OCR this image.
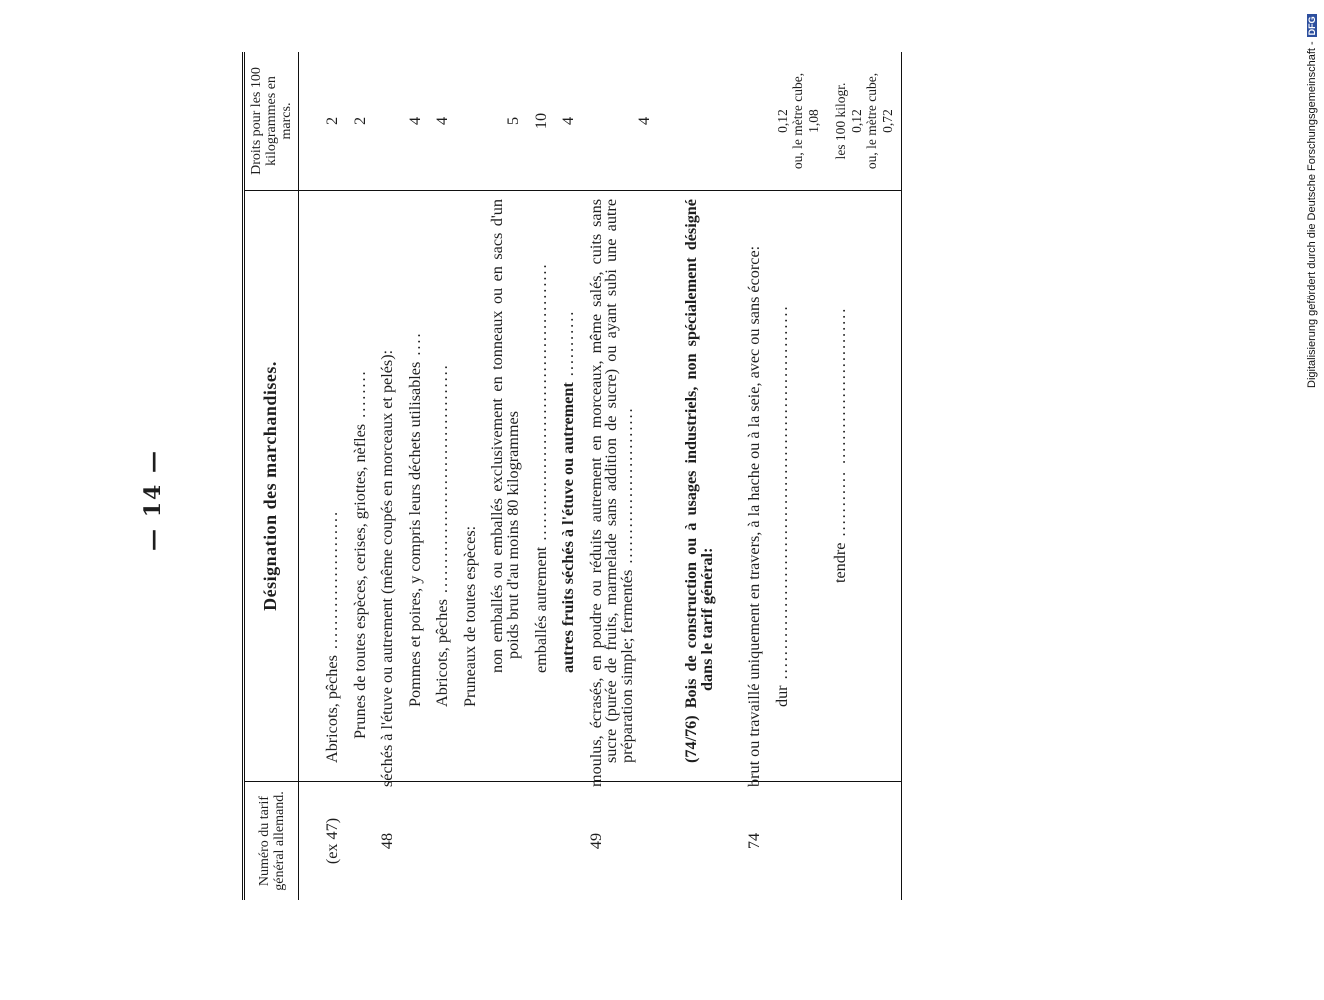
— 14 —
Numéro du tarif général allemand.	Désignation des marchandises.	Droits pour les 100 kilogrammes en marcs.

(ex 47)	Abricots, pêches .......................	2

	Prunes de toutes espèces, cerises, griottes, nèfles ........	2
48	séchés à l'étuve ou autrement (même coupés en morceaux et pelés):	

	Pommes et poires, y compris leurs déchets utilisables ....	4

	Abricots, pêches ......................................	4

	Pruneaux de toutes espèces:	

	non emballés ou emballés exclusivement en tonneaux ou en sacs d'un poids brut d'au moins 80 kilogrammes	5

	emballés autrement ..............................................	10

	autres fruits séchés à l'étuve ou autrement ...........	4
49	moulus, écrasés, en poudre ou réduits autrement en morceaux, même salés, cuits sans sucre (purée de fruits, marmelade sans addition de sucre) ou ayant subi une autre préparation simple; fermentés ..........................	4

	(74/76) Bois de construction ou à usages industriels, non spécialement désigné dans le tarif général:	

74	brut ou travaillé uniquement en travers, à la hache ou à la seie, avec ou sans écorce:	

	dur ..............................................................	0,12 ou, le mètre cube, 1,08

	tendre ........... ..........................	les 100 kilogr. 0,12 ou, le mètre cube, 0,72	Digitalisierung gefördert durch die Deutsche Forschungsgemeinschaft -DFG
